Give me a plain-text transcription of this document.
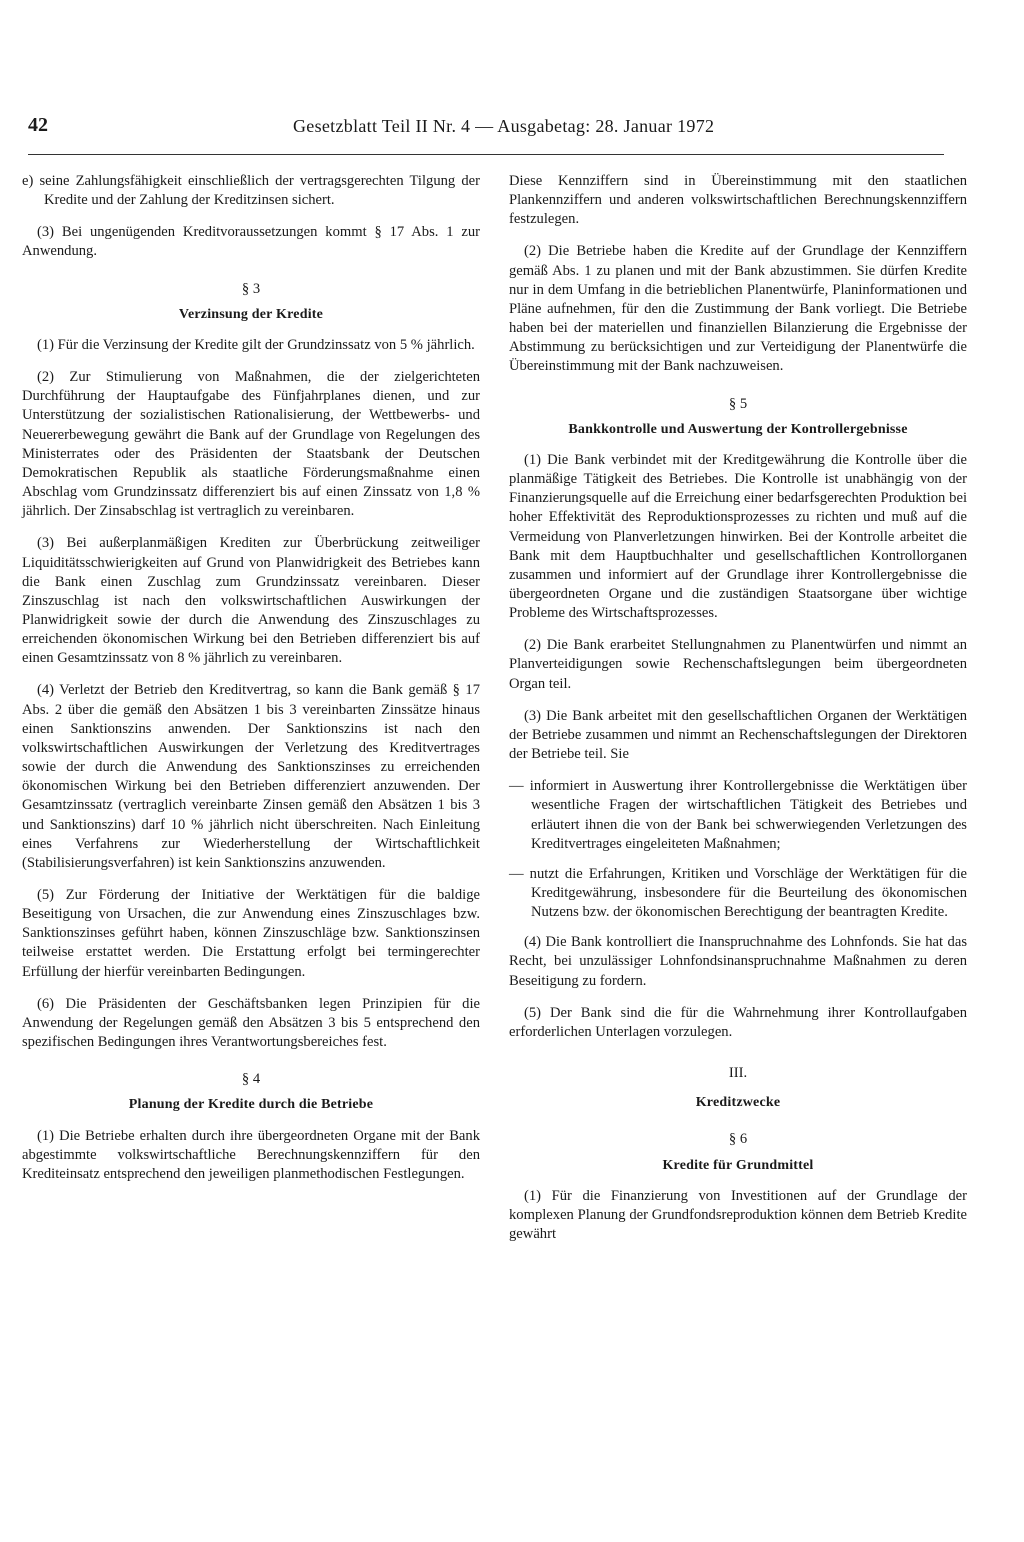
42	Gesetzblatt Teil II Nr. 4 — Ausgabetag: 28. Januar 1972

e) seine Zahlungsfähigkeit einschließlich der vertragsgerechten Tilgung der Kredite und der Zahlung der Kreditzinsen sichert.

(3) Bei ungenügenden Kreditvoraussetzungen kommt § 17 Abs. 1 zur Anwendung.

§ 3
Verzinsung der Kredite

(1) Für die Verzinsung der Kredite gilt der Grundzinssatz von 5 % jährlich.

(2) Zur Stimulierung von Maßnahmen, die der zielgerichteten Durchführung der Hauptaufgabe des Fünfjahrplanes dienen, und zur Unterstützung der sozialistischen Rationalisierung, der Wettbewerbs- und Neuererbewegung gewährt die Bank auf der Grundlage von Regelungen des Ministerrates oder des Präsidenten der Staatsbank der Deutschen Demokratischen Republik als staatliche Förderungsmaßnahme einen Abschlag vom Grundzinssatz differenziert bis auf einen Zinssatz von 1,8 % jährlich. Der Zinsabschlag ist vertraglich zu vereinbaren.

(3) Bei außerplanmäßigen Krediten zur Überbrückung zeitweiliger Liquiditätsschwierigkeiten auf Grund von Planwidrigkeit des Betriebes kann die Bank einen Zuschlag zum Grundzinssatz vereinbaren. Dieser Zinszuschlag ist nach den volkswirtschaftlichen Auswirkungen der Planwidrigkeit sowie der durch die Anwendung des Zinszuschlages zu erreichenden ökonomischen Wirkung bei den Betrieben differenziert bis auf einen Gesamtzinssatz von 8 % jährlich zu vereinbaren.

(4) Verletzt der Betrieb den Kreditvertrag, so kann die Bank gemäß § 17 Abs. 2 über die gemäß den Absätzen 1 bis 3 vereinbarten Zinssätze hinaus einen Sanktionszins anwenden. Der Sanktionszins ist nach den volkswirtschaftlichen Auswirkungen der Verletzung des Kreditvertrages sowie der durch die Anwendung des Sanktionszinses zu erreichenden ökonomischen Wirkung bei den Betrieben differenziert anzuwenden. Der Gesamtzinssatz (vertraglich vereinbarte Zinsen gemäß den Absätzen 1 bis 3 und Sanktionszins) darf 10 % jährlich nicht überschreiten. Nach Einleitung eines Verfahrens zur Wiederherstellung der Wirtschaftlichkeit (Stabilisierungsverfahren) ist kein Sanktionszins anzuwenden.

(5) Zur Förderung der Initiative der Werktätigen für die baldige Beseitigung von Ursachen, die zur Anwendung eines Zinszuschlages bzw. Sanktionszinses geführt haben, können Zinszuschläge bzw. Sanktionszinsen teilweise erstattet werden. Die Erstattung erfolgt bei termingerechter Erfüllung der hierfür vereinbarten Bedingungen.

(6) Die Präsidenten der Geschäftsbanken legen Prinzipien für die Anwendung der Regelungen gemäß den Absätzen 3 bis 5 entsprechend den spezifischen Bedingungen ihres Verantwortungsbereiches fest.

§ 4
Planung der Kredite durch die Betriebe

(1) Die Betriebe erhalten durch ihre übergeordneten Organe mit der Bank abgestimmte volkswirtschaftliche Berechnungskennziffern für den Krediteinsatz entsprechend den jeweiligen planmethodischen Festlegungen.

Diese Kennziffern sind in Übereinstimmung mit den staatlichen Plankennziffern und anderen volkswirtschaftlichen Berechnungskennziffern festzulegen.

(2) Die Betriebe haben die Kredite auf der Grundlage der Kennziffern gemäß Abs. 1 zu planen und mit der Bank abzustimmen. Sie dürfen Kredite nur in dem Umfang in die betrieblichen Planentwürfe, Planinformationen und Pläne aufnehmen, für den die Zustimmung der Bank vorliegt. Die Betriebe haben bei der materiellen und finanziellen Bilanzierung die Ergebnisse der Abstimmung zu berücksichtigen und zur Verteidigung der Planentwürfe die Übereinstimmung mit der Bank nachzuweisen.

§ 5
Bankkontrolle und Auswertung der Kontrollergebnisse

(1) Die Bank verbindet mit der Kreditgewährung die Kontrolle über die planmäßige Tätigkeit des Betriebes. Die Kontrolle ist unabhängig von der Finanzierungsquelle auf die Erreichung einer bedarfsgerechten Produktion bei hoher Effektivität des Reproduktionsprozesses zu richten und muß auf die Vermeidung von Planverletzungen hinwirken. Bei der Kontrolle arbeitet die Bank mit dem Hauptbuchhalter und gesellschaftlichen Kontrollorganen zusammen und informiert auf der Grundlage ihrer Kontrollergebnisse die übergeordneten Organe und die zuständigen Staatsorgane über wichtige Probleme des Wirtschaftsprozesses.

(2) Die Bank erarbeitet Stellungnahmen zu Planentwürfen und nimmt an Planverteidigungen sowie Rechenschaftslegungen beim übergeordneten Organ teil.

(3) Die Bank arbeitet mit den gesellschaftlichen Organen der Werktätigen der Betriebe zusammen und nimmt an Rechenschaftslegungen der Direktoren der Betriebe teil. Sie

— informiert in Auswertung ihrer Kontrollergebnisse die Werktätigen über wesentliche Fragen der wirtschaftlichen Tätigkeit des Betriebes und erläutert ihnen die von der Bank bei schwerwiegenden Verletzungen des Kreditvertrages eingeleiteten Maßnahmen;

— nutzt die Erfahrungen, Kritiken und Vorschläge der Werktätigen für die Kreditgewährung, insbesondere für die Beurteilung des ökonomischen Nutzens bzw. der ökonomischen Berechtigung der beantragten Kredite.

(4) Die Bank kontrolliert die Inanspruchnahme des Lohnfonds. Sie hat das Recht, bei unzulässiger Lohnfondsinanspruchnahme Maßnahmen zu deren Beseitigung zu fordern.

(5) Der Bank sind die für die Wahrnehmung ihrer Kontrollaufgaben erforderlichen Unterlagen vorzulegen.

III.
Kreditzwecke
§ 6
Kredite für Grundmittel

(1) Für die Finanzierung von Investitionen auf der Grundlage der komplexen Planung der Grundfondsreproduktion können dem Betrieb Kredite gewährt
